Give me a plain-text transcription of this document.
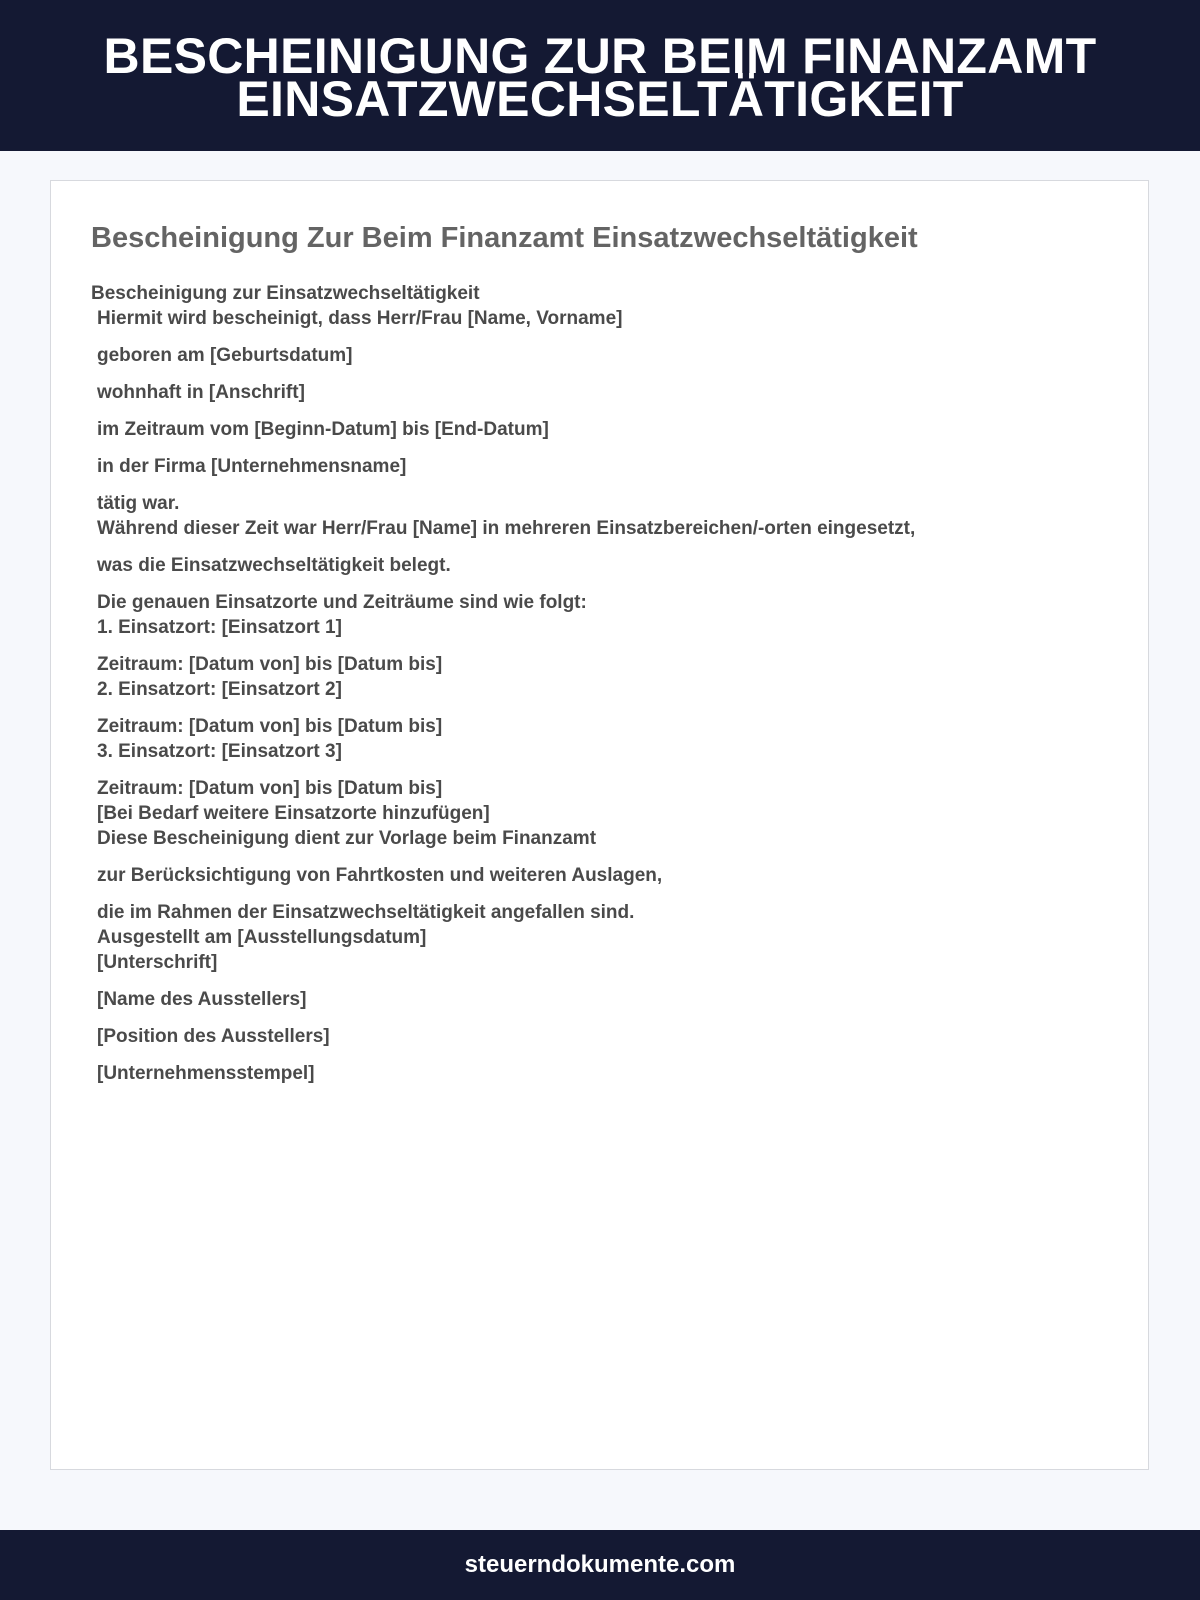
BESCHEINIGUNG ZUR BEIM FINANZAMT
EINSATZWECHSELTÄTIGKEIT
Bescheinigung Zur Beim Finanzamt Einsatzwechseltätigkeit
Bescheinigung zur Einsatzwechseltätigkeit
Hiermit wird bescheinigt, dass Herr/Frau [Name, Vorname]
geboren am [Geburtsdatum]
wohnhaft in [Anschrift]
im Zeitraum vom [Beginn-Datum] bis [End-Datum]
in der Firma [Unternehmensname]
tätig war.
Während dieser Zeit war Herr/Frau [Name] in mehreren Einsatzbereichen/-orten eingesetzt,
was die Einsatzwechseltätigkeit belegt.
Die genauen Einsatzorte und Zeiträume sind wie folgt:
1. Einsatzort: [Einsatzort 1]
Zeitraum: [Datum von] bis [Datum bis]
2. Einsatzort: [Einsatzort 2]
Zeitraum: [Datum von] bis [Datum bis]
3. Einsatzort: [Einsatzort 3]
Zeitraum: [Datum von] bis [Datum bis]
[Bei Bedarf weitere Einsatzorte hinzufügen]
Diese Bescheinigung dient zur Vorlage beim Finanzamt
zur Berücksichtigung von Fahrtkosten und weiteren Auslagen,
die im Rahmen der Einsatzwechseltätigkeit angefallen sind.
Ausgestellt am [Ausstellungsdatum]
[Unterschrift]
[Name des Ausstellers]
[Position des Ausstellers]
[Unternehmensstempel]
steuerndokumente.com
